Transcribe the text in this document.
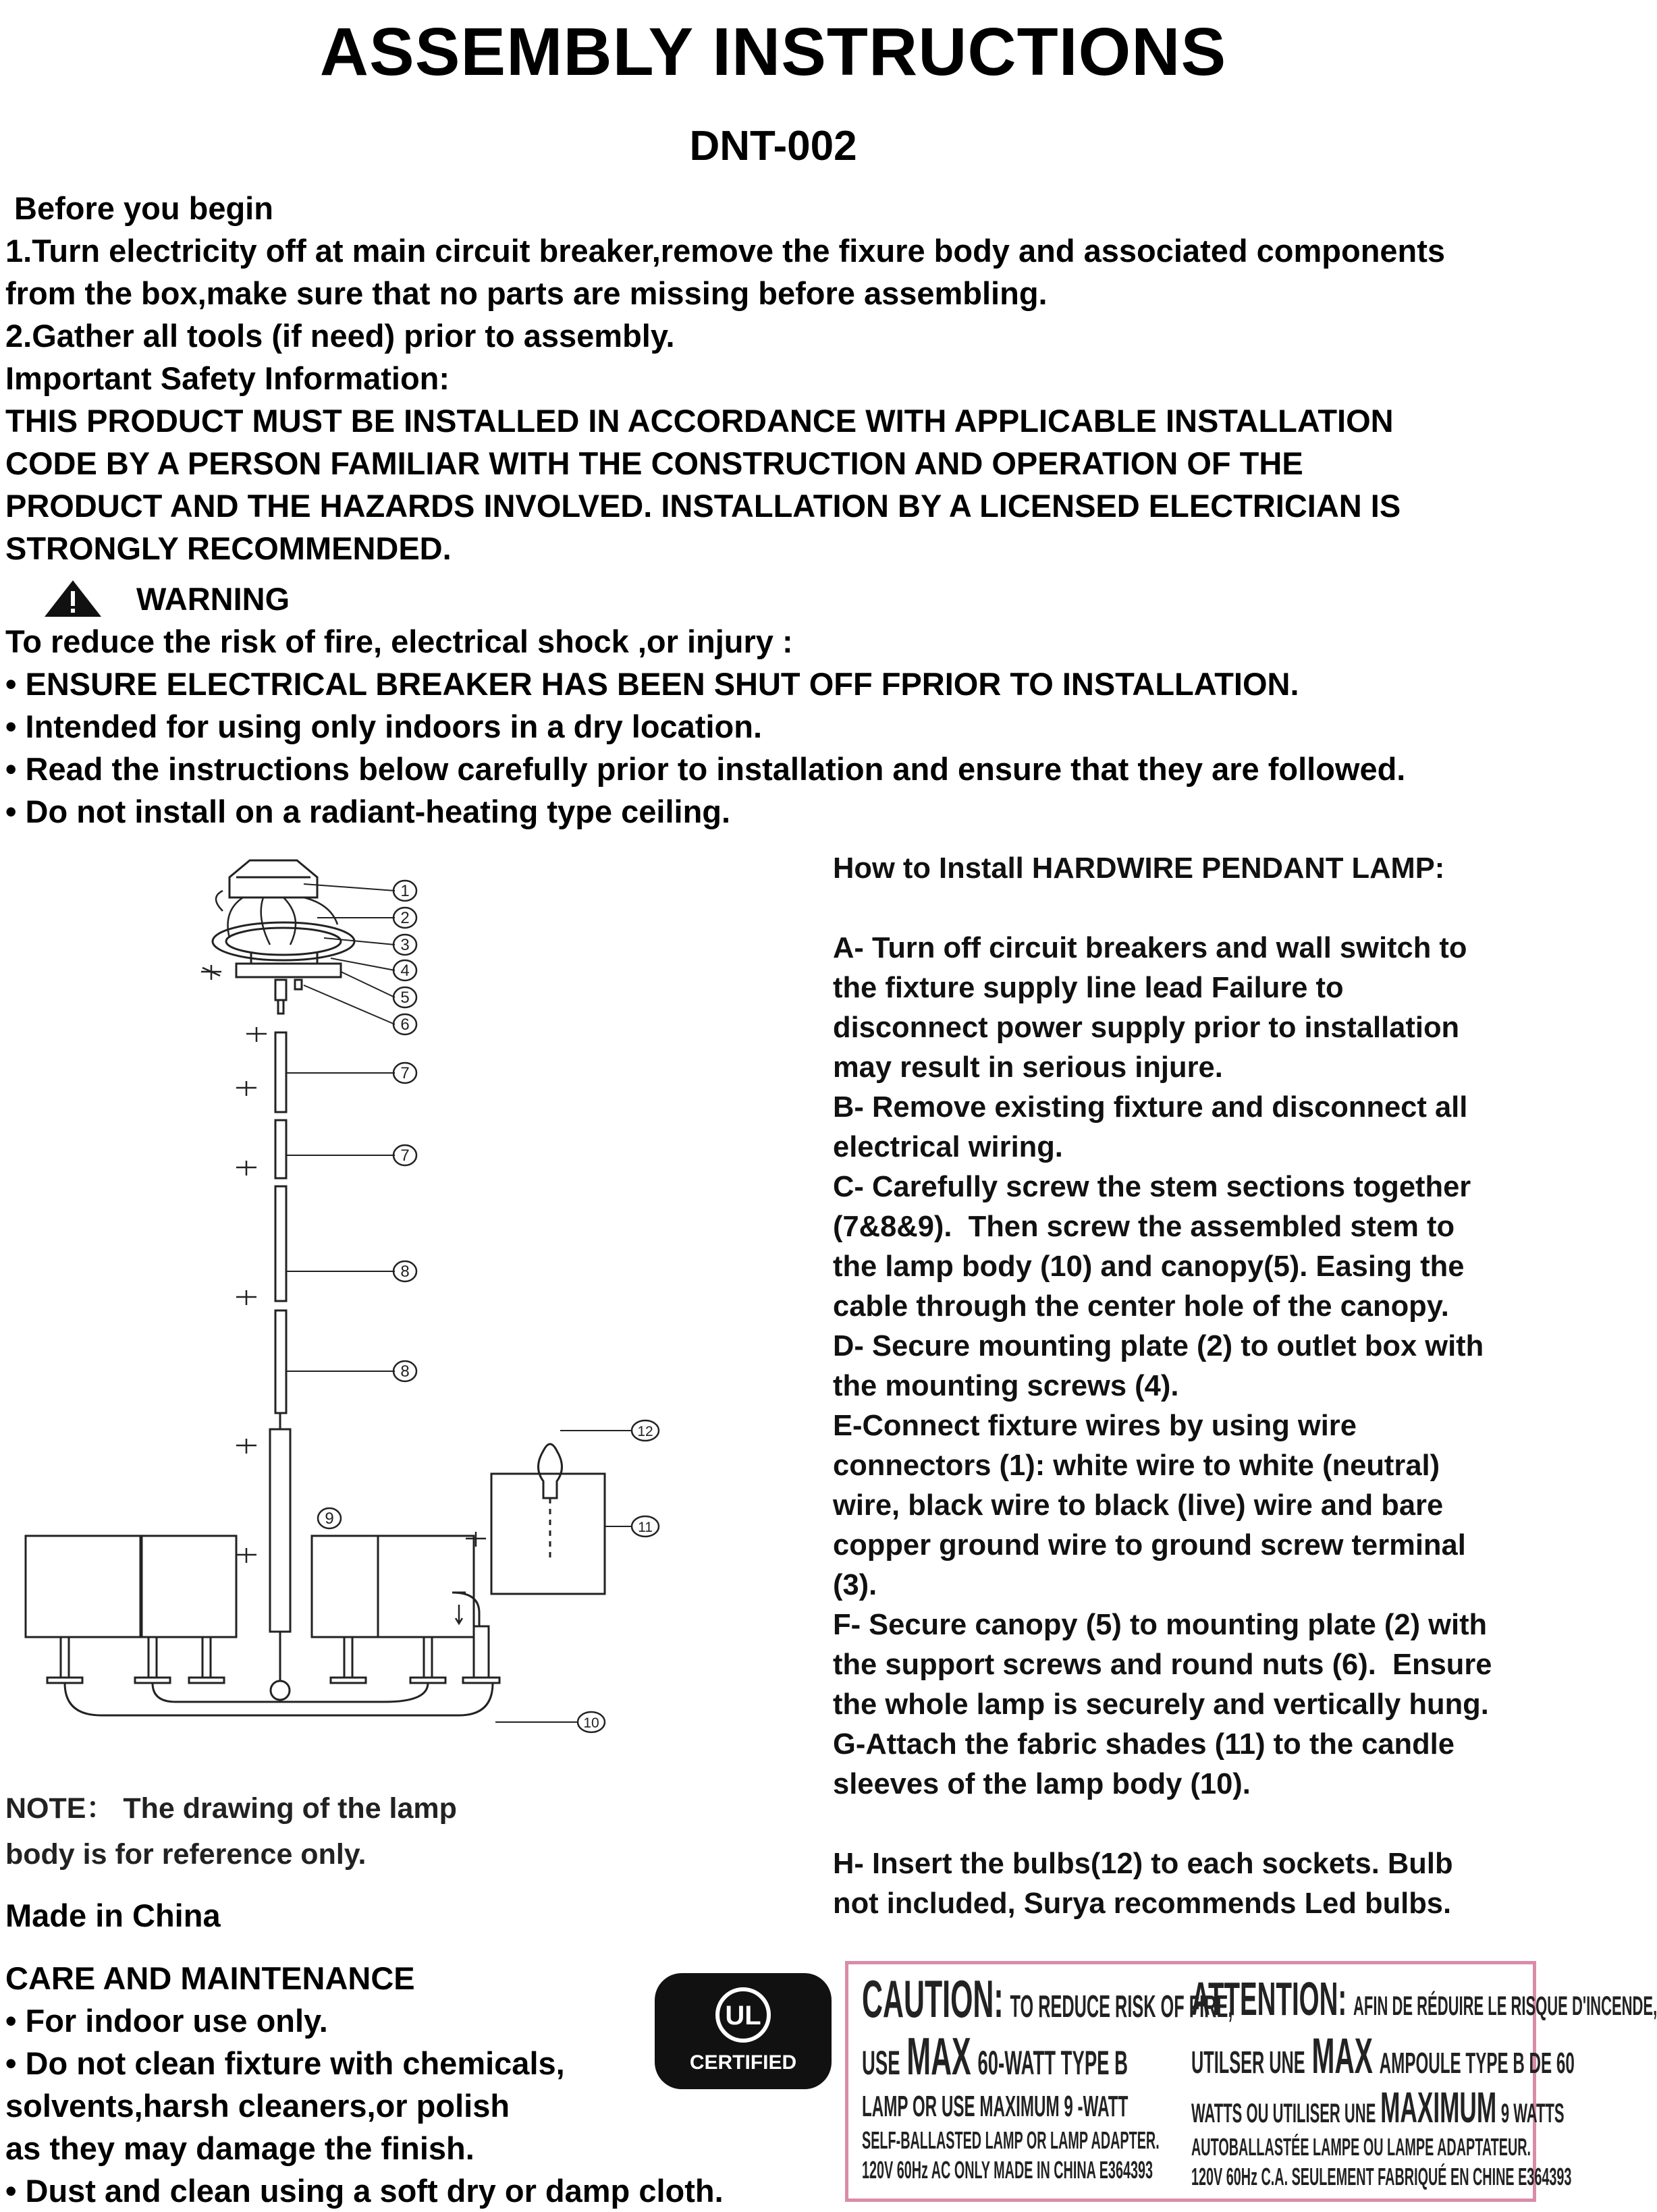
ASSEMBLY INSTRUCTIONS
DNT-002
Before you begin
1.Turn electricity off at main circuit breaker,remove the fixure body and associated components
from the box,make sure that no parts are missing before assembling.
2.Gather all tools (if need) prior to assembly.
Important Safety Information:
THIS PRODUCT MUST BE INSTALLED IN ACCORDANCE WITH APPLICABLE INSTALLATION
CODE BY A PERSON FAMILIAR WITH THE CONSTRUCTION AND OPERATION OF THE
PRODUCT AND THE HAZARDS INVOLVED. INSTALLATION BY A LICENSED ELECTRICIAN IS
STRONGLY RECOMMENDED.
WARNING
To reduce the risk of fire, electrical shock ,or injury :
• ENSURE ELECTRICAL BREAKER HAS BEEN SHUT OFF FPRIOR TO INSTALLATION.
• Intended for using only indoors in a dry location.
• Read the instructions below carefully prior to installation and ensure that they are followed.
• Do not install on a radiant-heating type ceiling.
1
2
3
4
5
6
7
7
8
8
9
10
11
12
How to Install HARDWIRE PENDANT LAMP:
A- Turn off circuit breakers and wall switch to
the fixture supply line lead Failure to
disconnect power supply prior to installation
may result in serious injure.
B- Remove existing fixture and disconnect all
electrical wiring.
C- Carefully screw the stem sections together
(7&8&9).  Then screw the assembled stem to
the lamp body (10) and canopy(5). Easing the
cable through the center hole of the canopy.
D- Secure mounting plate (2) to outlet box with
the mounting screws (4).
E-Connect fixture wires by using wire
connectors (1): white wire to white (neutral)
wire, black wire to black (live) wire and bare
copper ground wire to ground screw terminal
(3).
F- Secure canopy (5) to mounting plate (2) with
the support screws and round nuts (6).  Ensure
the whole lamp is securely and vertically hung.
G-Attach the fabric shades (11) to the candle
sleeves of the lamp body (10).
H- Insert the bulbs(12) to each sockets. Bulb
not included, Surya recommends Led bulbs.
NOTE： The drawing of the lamp
body is for reference only.
Made in China
CARE AND MAINTENANCE
• For indoor use only.
• Do not clean fixture with chemicals,
solvents,harsh cleaners,or polish
as they may damage the finish.
• Dust and clean using a soft dry or damp cloth.
UL
CERTIFIED
CAUTION: TO REDUCE RISK OF FIRE,
USE MAX 60-WATT TYPE B
LAMP OR USE MAXIMUM 9 -WATT
SELF-BALLASTED LAMP OR LAMP ADAPTER.
120V 60Hz AC ONLY MADE IN CHINA E364393
ATTENTION: AFIN DE RÉDUIRE LE RISQUE D'INCENDE,
UTILSER UNE MAX AMPOULE TYPE B DE 60
WATTS OU UTILISER UNE MAXIMUM 9 WATTS
AUTOBALLASTÉE LAMPE OU LAMPE ADAPTATEUR.
120V 60Hz C.A. SEULEMENT FABRIQUÉ EN CHINE E364393
